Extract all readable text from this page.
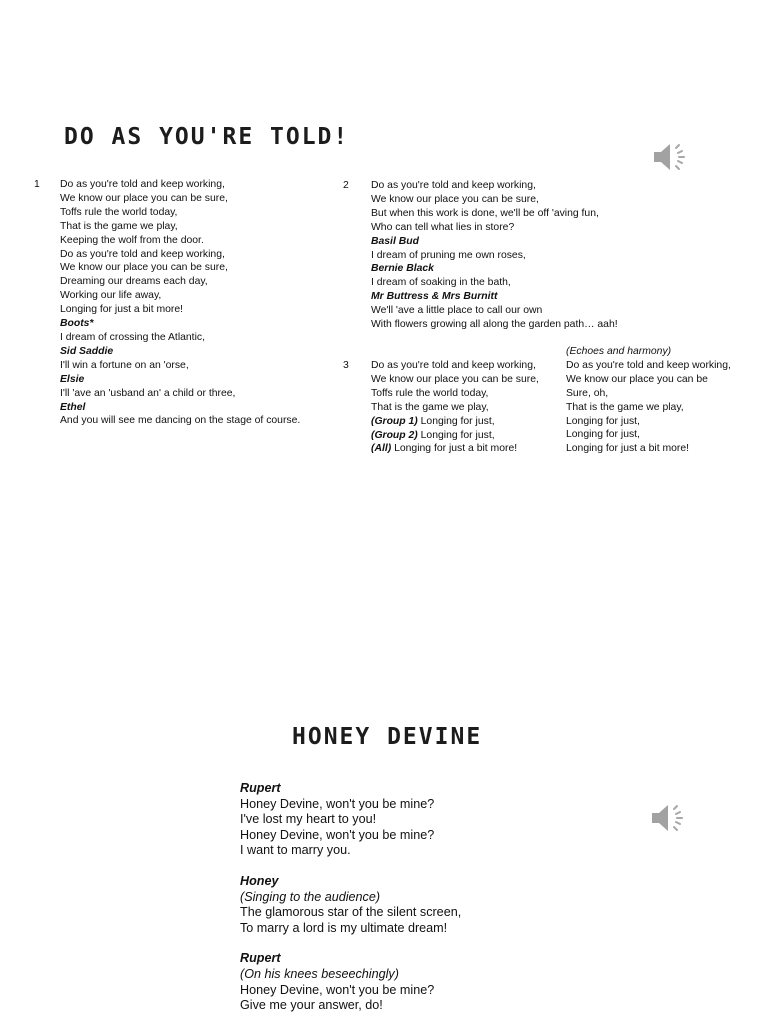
DO AS YOU'RE TOLD!
1 Do as you're told and keep working,
We know our place you can be sure,
Toffs rule the world today,
That is the game we play,
Keeping the wolf from the door.
Do as you're told and keep working,
We know our place you can be sure,
Dreaming our dreams each day,
Working our life away,
Longing for just a bit more!
Boots*
I dream of crossing the Atlantic,
Sid Saddie
I'll win a fortune on an 'orse,
Elsie
I'll 'ave an 'usband an' a child or three,
Ethel
And you will see me dancing on the stage of course.
2 Do as you're told and keep working,
We know our place you can be sure,
But when this work is done, we'll be off 'aving fun,
Who can tell what lies in store?
Basil Bud
I dream of pruning me own roses,
Bernie Black
I dream of soaking in the bath,
Mr Buttress & Mrs Burnitt
We'll 'ave a little place to call our own
With flowers growing all along the garden path… aah!
3 Do as you're told and keep working,
We know our place you can be sure,
Toffs rule the world today,
That is the game we play,
(Group 1) Longing for just,
(Group 2) Longing for just,
(All) Longing for just a bit more!
(Echoes and harmony)
Do as you're told and keep working,
We know our place you can be
Sure, oh,
That is the game we play,
Longing for just,
Longing for just,
Longing for just a bit more!
HONEY DEVINE
Rupert
Honey Devine, won't you be mine?
I've lost my heart to you!
Honey Devine, won't you be mine?
I want to marry you.
Honey
(Singing to the audience)
The glamorous star of the silent screen,
To marry a lord is my ultimate dream!
Rupert
(On his knees beseechingly)
Honey Devine, won't you be mine?
Give me your answer, do!
